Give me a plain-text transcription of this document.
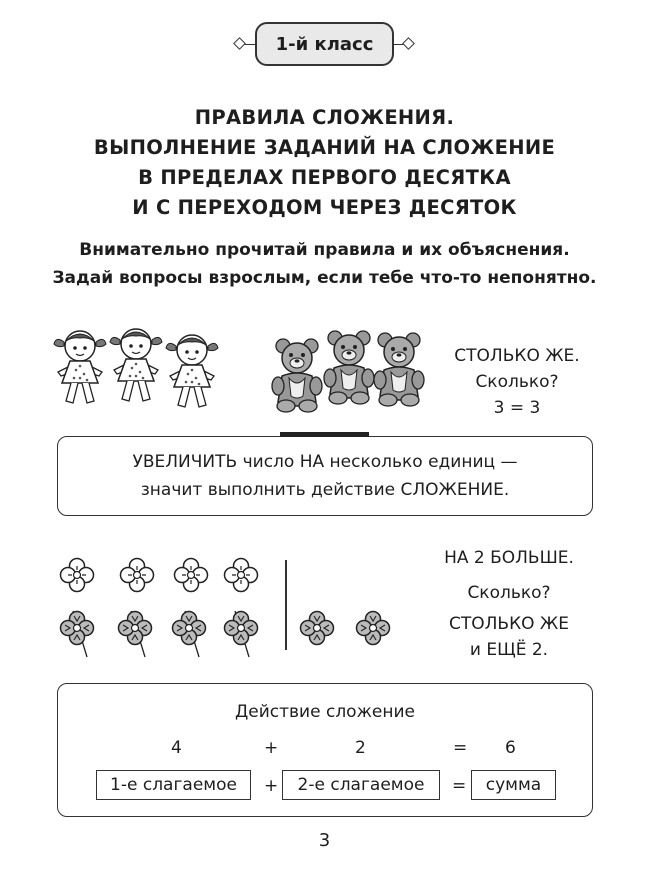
1-й класс
ПРАВИЛА СЛОЖЕНИЯ.
ВЫПОЛНЕНИЕ ЗАДАНИЙ НА СЛОЖЕНИЕ
В ПРЕДЕЛАХ ПЕРВОГО ДЕСЯТКА
И С ПЕРЕХОДОМ ЧЕРЕЗ ДЕСЯТОК
Внимательно прочитай правила и их объяснения.
Задай вопросы взрослым, если тебе что-то непонятно.
СТОЛЬКО ЖЕ.
Сколько?
3 = 3
УВЕЛИЧИТЬ число НА несколько единиц —
значит выполнить действие СЛОЖЕНИЕ.
НА 2 БОЛЬШЕ.
Сколько?
СТОЛЬКО ЖЕ
и ЕЩЁ 2.
Действие сложение
4	+	2	= 6
1-е слагаемое	+	2-е слагаемое	=	сумма
3
